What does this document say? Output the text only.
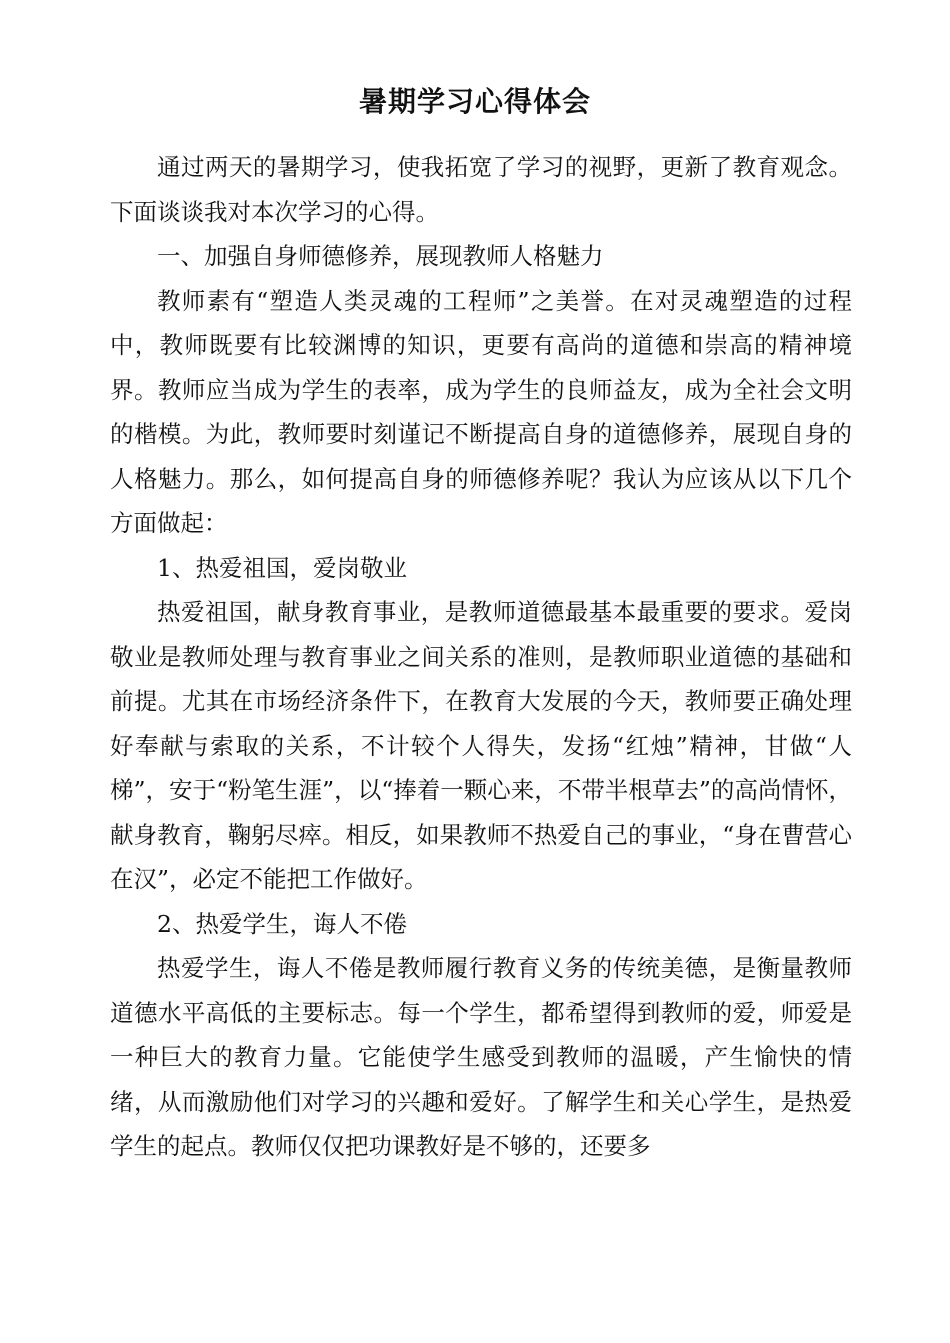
暑期学习心得体会

通过两天的暑期学习，使我拓宽了学习的视野，更新了教育观念。下面谈谈我对本次学习的心得。

一、加强自身师德修养，展现教师人格魅力

教师素有“塑造人类灵魂的工程师”之美誉。在对灵魂塑造的过程中，教师既要有比较渊博的知识，更要有高尚的道德和崇高的精神境界。教师应当成为学生的表率，成为学生的良师益友，成为全社会文明的楷模。为此，教师要时刻谨记不断提高自身的道德修养，展现自身的人格魅力。那么，如何提高自身的师德修养呢？我认为应该从以下几个方面做起：

1、热爱祖国，爱岗敬业

热爱祖国，献身教育事业，是教师道德最基本最重要的要求。爱岗敬业是教师处理与教育事业之间关系的准则，是教师职业道德的基础和前提。尤其在市场经济条件下，在教育大发展的今天，教师要正确处理好奉献与索取的关系，不计较个人得失，发扬“红烛”精神，甘做“人梯”，安于“粉笔生涯”，以“捧着一颗心来，不带半根草去”的高尚情怀，献身教育，鞠躬尽瘁。相反，如果教师不热爱自己的事业，“身在曹营心在汉”，必定不能把工作做好。

2、热爱学生，诲人不倦

热爱学生，诲人不倦是教师履行教育义务的传统美德，是衡量教师道德水平高低的主要标志。每一个学生，都希望得到教师的爱，师爱是一种巨大的教育力量。它能使学生感受到教师的温暖，产生愉快的情绪，从而激励他们对学习的兴趣和爱好。了解学生和关心学生，是热爱学生的起点。教师仅仅把功课教好是不够的，还要多
